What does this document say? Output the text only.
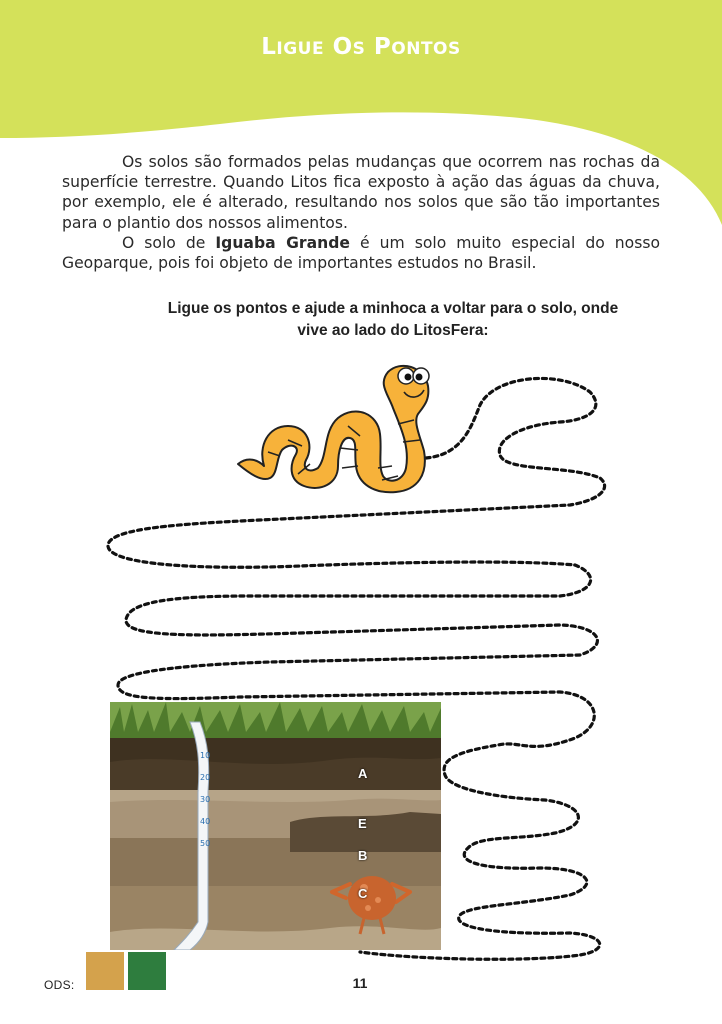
LIGUE OS PONTOS

Os solos são formados pelas mudanças que ocorrem nas rochas da superfície terrestre. Quando Litos fica exposto à ação das águas da chuva, por exemplo, ele é alterado, resultando nos solos que são tão importantes para o plantio dos nossos alimentos.

O solo de Iguaba Grande é um solo muito especial do nosso Geoparque, pois foi objeto de importantes estudos no Brasil.

Ligue os pontos e ajude a minhoca a voltar para o solo, onde
vive ao lado do LitosFera:
10
20
30
40
50
A
E
B
C
ODS:	11
